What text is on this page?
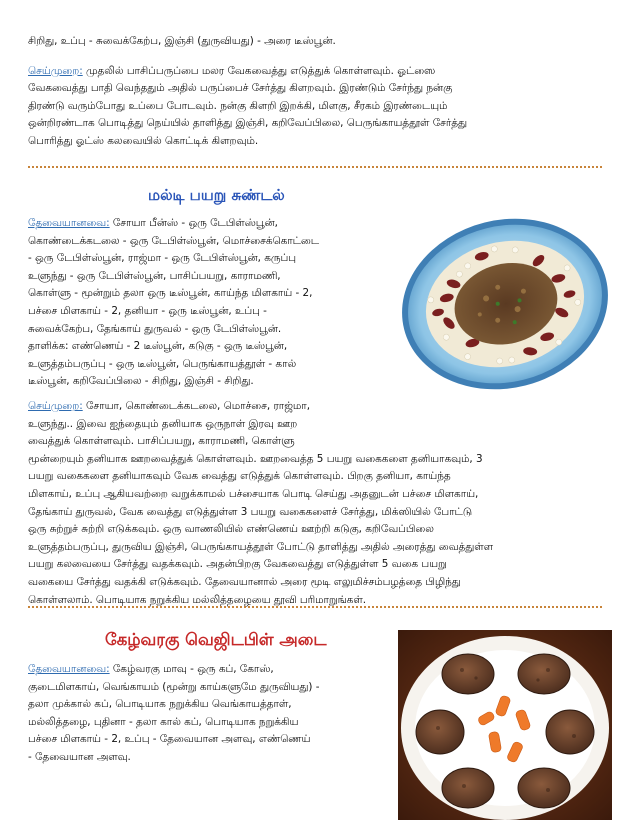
சிறிது, உப்பு - சுவைக்கேற்ப, இஞ்சி (துருவியது) - அரை டீஸ்பூன்.

செய்முறை: முதலில் பாசிப்பருப்பை மலர வேகவைத்து எடுத்துக் கொள்ளவும். ஓட்ஸை

வேகவைத்து பாதி வெந்ததும் அதில் பருப்பைச் சேர்த்து கிளறவும். இரண்டும் சேர்ந்து நன்கு

திரண்டு வரும்போது உப்பை போடவும். நன்கு கிளறி இறக்கி, மிளகு, சீரகம் இரண்டையும்

ஒன்றிரண்டாக பொடித்து நெய்யில் தாளித்து இஞ்சி, கறிவேப்பிலை, பெருங்காயத்தூள் சேர்த்து

பொரித்து ஓட்ஸ் கலவையில் கொட்டிக் கிளறவும்.

மல்டி பயறு சுண்டல்

தேவையானவை: சோயா பீன்ஸ் - ஒரு டேபிள்ஸ்பூன்,

கொண்டைக்கடலை - ஒரு டேபிள்ஸ்பூன், மொச்சைக்கொட்டை

- ஒரு டேபிள்ஸ்பூன், ராஜ்மா - ஒரு டேபிள்ஸ்பூன், கருப்பு

உளுந்து - ஒரு டேபிள்ஸ்பூன், பாசிப்பயறு, காராமணி,

கொள்ளு - மூன்றும் தலா ஒரு டீஸ்பூன், காய்ந்த மிளகாய் - 2,

பச்சை மிளகாய் - 2, தனியா - ஒரு டீஸ்பூன், உப்பு -

சுவைக்கேற்ப, தேங்காய் துருவல் - ஒரு டேபிள்ஸ்பூன்.

தாளிக்க: எண்ணெய் - 2 டீஸ்பூன், கடுகு - ஒரு டீஸ்பூன்,

உளுத்தம்பருப்பு - ஒரு டீஸ்பூன், பெருங்காயத்தூள் - கால்

டீஸ்பூன், கறிவேப்பிலை - சிறிது, இஞ்சி - சிறிது.

செய்முறை: சோயா, கொண்டைக்கடலை, மொச்சை, ராஜ்மா,

உளுந்து.. இவை ஐந்தையும் தனியாக ஒருநாள் இரவு ஊற

வைத்துக் கொள்ளவும். பாசிப்பயறு, காராமணி, கொள்ளு

மூன்றையும் தனியாக ஊறவைத்துக் கொள்ளவும். ஊறவைத்த 5 பயறு வகைகளை தனியாகவும், 3

பயறு வகைகளை தனியாகவும் வேக வைத்து எடுத்துக் கொள்ளவும். பிறகு தனியா, காய்ந்த

மிளகாய், உப்பு ஆகியவற்றை வறுக்காமல் பச்சையாக பொடி செய்து அதனுடன் பச்சை மிளகாய்,

தேங்காய் துருவல், வேக வைத்து எடுத்துள்ள 3 பயறு வகைகளைச் சேர்த்து, மிக்ஸியில் போட்டு

ஒரு சுற்றுச் சுற்றி எடுக்கவும். ஒரு வாணலியில் எண்ணெய் ஊற்றி கடுகு, கறிவேப்பிலை

உளுத்தம்பருப்பு, துருவிய இஞ்சி, பெருங்காயத்தூள் போட்டு தாளித்து அதில் அரைத்து வைத்துள்ள

பயறு கலவையை சேர்த்து வதக்கவும். அதன்பிறகு வேகவைத்து எடுத்துள்ள 5 வகை பயறு

வகையை சேர்த்து வதக்கி எடுக்கவும். தேவையானால் அரை மூடி எலுமிச்சம்பழத்தை பிழிந்து

கொள்ளலாம். பொடியாக நறுக்கிய மல்லித்தழையை தூவி பரிமாறுங்கள்.

கேழ்வரகு வெஜிடபிள் அடை

தேவையானவை: கேழ்வரகு மாவு - ஒரு கப், கோஸ்,

குடைமிளகாய், வெங்காயம் (மூன்று காய்களுமே துருவியது) -

தலா முக்கால் கப், பொடியாக நறுக்கிய வெங்காயத்தாள்,

மல்லித்தழை, புதினா - தலா கால் கப், பொடியாக நறுக்கிய

பச்சை மிளகாய் - 2, உப்பு - தேவையான அளவு, எண்ணெய்

- தேவையான அளவு.
